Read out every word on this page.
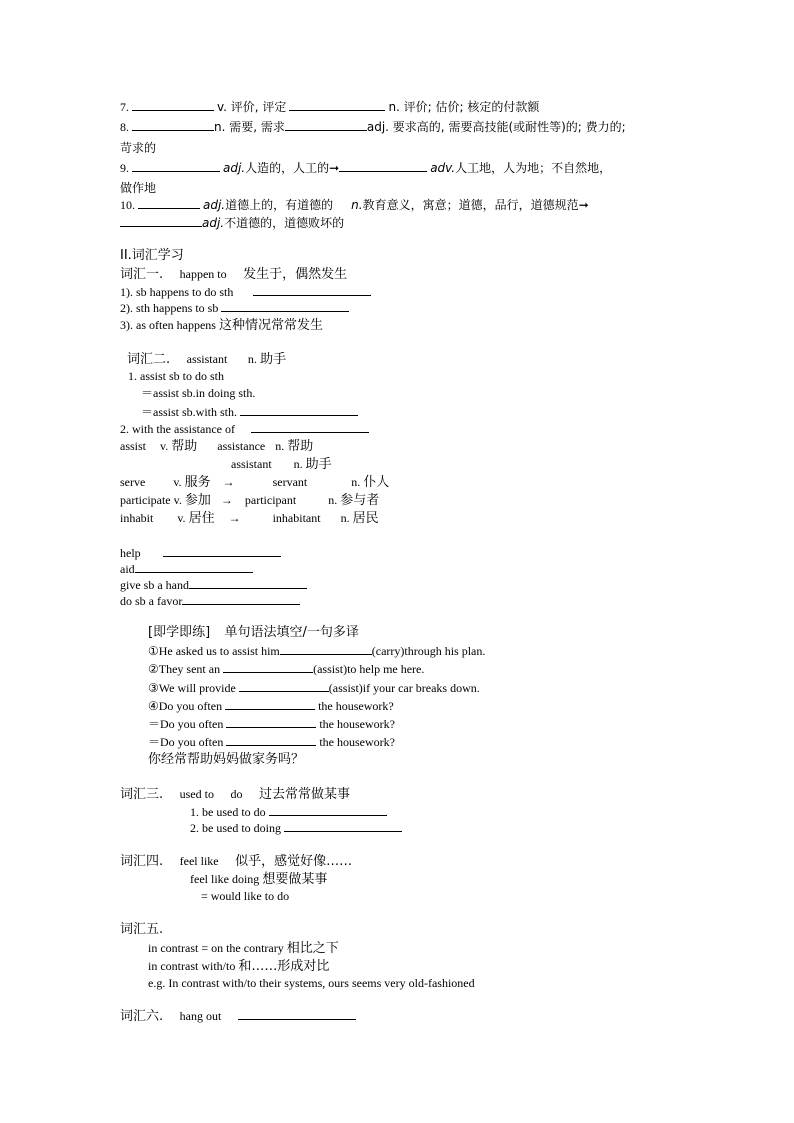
7.	v. 评价, 评定	n. 评价; 估价; 核定的付款额
8.	n. 需要, 需求	adj. 要求高的, 需要高技能(或耐性等)的; 费力的;
苛求的
9.	adj.人造的，人工的➞	adv.人工地，人为地；不自然地，
做作地
10.	adj.道德上的，有道德的 n.教育意义，寓意；道德，品行，道德规范➞
adj.不道德的，道德败坏的
II.词汇学习
词汇一. happen to 发生于，偶然发生
1). sb happens to do sth
2). sth happens to sb
3). as often happens 这种情况常常发生
词汇二. assistant n. 助手
1. assist sb to do sth
＝assist sb.in doing sth.
＝assist sb.with sth.
2. with the assistance of
assist v. 帮助 assistance n. 帮助
assistant n. 助手
serve v. 服务 →	servant	n. 仆人
participate v. 参加 → participant	n. 参与者
inhabit v. 居住 →	inhabitant n. 居民
help
aid
give sb a hand
do sb a favor
[即学即练] 单句语法填空/一句多译
①He asked us to assist him	(carry)through his plan.
②They sent an	(assist)to help me here.
③We will provide	(assist)if your car breaks down.
④Do you often	the housework?
＝Do you often	the housework?
＝Do you often	the housework?
你经常帮助妈妈做家务吗？
词汇三. used to do 过去常常做某事
1. be used to do
2. be used to doing
词汇四. feel like 似乎，感觉好像……
feel like doing 想要做某事
= would like to do
词汇五.
in contrast = on the contrary 相比之下
in contrast with/to 和……形成对比
e.g. In contrast with/to their systems, ours seems very old-fashioned
词汇六. hang out
